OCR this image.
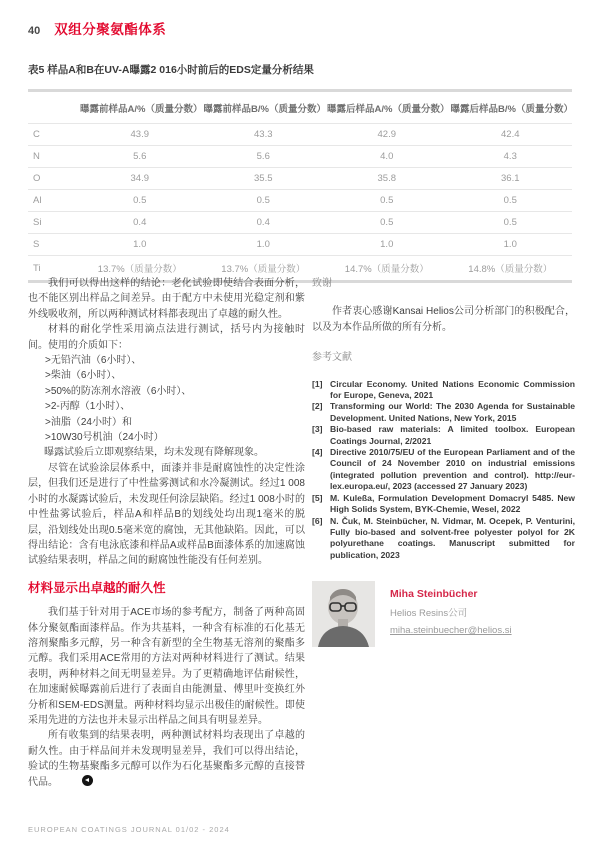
40 双组分聚氨酯体系
表5 样品A和B在UV-A曝露2 016小时前后的EDS定量分析结果
	曝露前样品A/%（质量分数）	曝露前样品B/%（质量分数）	曝露后样品A/%（质量分数）	曝露后样品B/%（质量分数）
C	43.9	43.3	42.9	42.4
N	5.6	5.6	4.0	4.3
O	34.9	35.5	35.8	36.1
Al	0.5	0.5	0.5	0.5
Si	0.4	0.4	0.5	0.5
S	1.0	1.0	1.0	1.0
Ti	13.7%（质量分数）	13.7%（质量分数）	14.7%（质量分数）	14.8%（质量分数）

我们可以得出这样的结论：老化试验即使结合表面分析，也不能区别出样品之间差异。由于配方中未使用光稳定剂和紫外线吸收剂，所以两种测试材料都表现出了卓越的耐久性。

材料的耐化学性采用滴点法进行测试，括号内为接触时间。使用的介质如下：

>无铅汽油（6小时）、
>柴油（6小时）、
>50%的防冻剂水溶液（6小时）、
>2-丙醇（1小时）、
>油脂（24小时）和
>10W30号机油（24小时）

曝露试验后立即观察结果，均未发现有降解现象。

尽管在试验涂层体系中，面漆并非是耐腐蚀性的决定性涂层，但我们还是进行了中性盐雾测试和水冷凝测试。经过1 008小时的水凝露试验后，未发现任何涂层缺陷。经过1 008小时的中性盐雾试验后，样品A和样品B的划线处均出现1毫米的脱层，沿划线处出现0.5毫米宽的腐蚀，无其他缺陷。因此，可以得出结论：含有电泳底漆和样品A或样品B面漆体系的加速腐蚀试验结果表明，样品之间的耐腐蚀性能没有任何差别。

材料显示出卓越的耐久性

我们基于针对用于ACE市场的参考配方，制备了两种高固体分聚氨酯面漆样品。作为共基料，一种含有标准的石化基无溶剂聚酯多元醇，另一种含有新型的全生物基无溶剂的聚酯多元醇。我们采用ACE常用的方法对两种材料进行了测试。结果表明，两种材料之间无明显差异。为了更精确地评估耐候性，在加速耐候曝露前后进行了表面自由能测量、傅里叶变换红外分析和SEM-EDS测量。两种材料均显示出极佳的耐候性。即使采用先进的方法也并未显示出样品之间具有明显差异。

所有收集到的结果表明，两种测试材料均表现出了卓越的耐久性。由于样品间并未发现明显差异，我们可以得出结论，验试的生物基聚酯多元醇可以作为石化基聚酯多元醇的直接替代品。

致谢

作者衷心感谢Kansai Helios公司分析部门的积极配合，以及为本作品所做的所有分析。

参考文献
[1] Circular Economy. United Nations Economic Commission for Europe, Geneva, 2021
[2] Transforming our World: The 2030 Agenda for Sustainable Development. United Nations, New York, 2015
[3] Bio-based raw materials: A limited toolbox. European Coatings Journal, 2/2021
[4] Directive 2010/75/EU of the European Parliament and of the Council of 24 November 2010 on industrial emissions (integrated pollution prevention and control). http://eur-lex.europa.eu/, 2023 (accessed 27 January 2023)
[5] M. Kuleßa, Formulation Development Domacryl 5485. New High Solids System, BYK-Chemie, Wesel, 2022
[6] N. Čuk, M. Steinbücher, N. Vidmar, M. Ocepek, P. Venturini, Fully bio-based and solvent-free polyester polyol for 2K polyurethane coatings. Manuscript submitted for publication, 2023
Miha Steinbücher
Helios Resins公司
miha.steinbuecher@helios.si
EUROPEAN COATINGS JOURNAL 01/02 - 2024
